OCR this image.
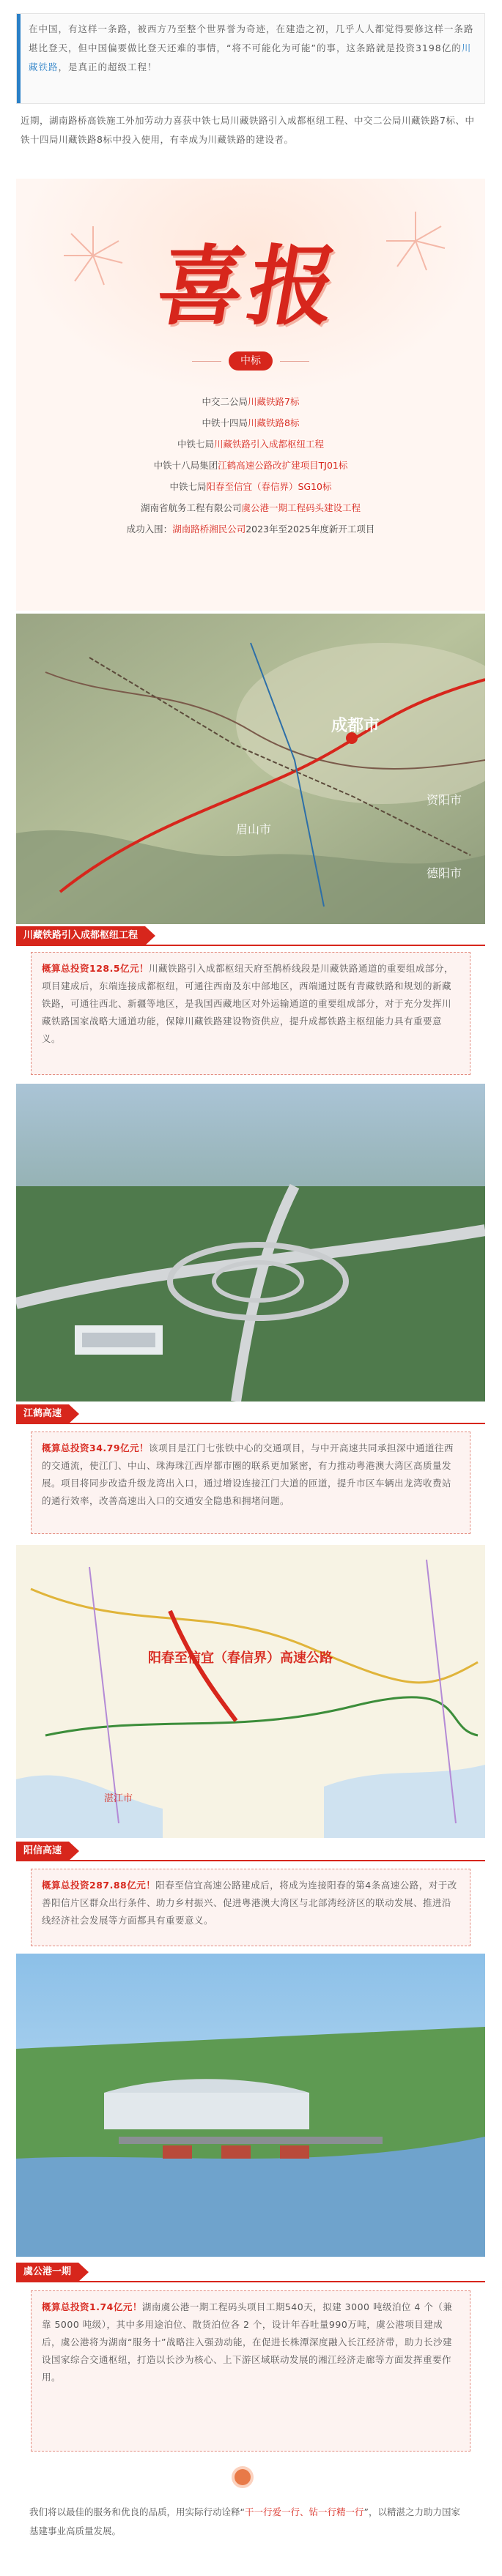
在中国，有这样一条路，被西方乃至整个世界誉为奇迹，在建造之初，几乎人人都觉得要修这样一条路堪比登天，但中国偏要做比登天还难的事情，“将不可能化为可能”的事，这条路就是投资3198亿的川藏铁路，是真正的超级工程！

近期，湖南路桥高铁施工外加劳动力喜获中铁七局川藏铁路引入成都枢纽工程、中交二公局川藏铁路7标、中铁十四局川藏铁路8标中投入使用，有幸成为川藏铁路的建设者。

喜报
中标
中交二公局川藏铁路7标
中铁十四局川藏铁路8标
中铁七局川藏铁路引入成都枢纽工程
中铁十八局集团江鹤高速公路改扩建项目TJ01标
中铁七局阳春至信宜（春信界）SG10标
湖南省航务工程有限公司虞公港一期工程码头建设工程
成功入围：湖南路桥湘民公司2023年至2025年度新开工项目
成都市
眉山市
资阳市
德阳市
川藏铁路引入成都枢纽工程

概算总投资128.5亿元！川藏铁路引入成都枢纽天府至鹊桥线段是川藏铁路通道的重要组成部分，项目建成后，东端连接成都枢纽，可通往西南及东中部地区，西端通过既有青藏铁路和规划的新藏铁路，可通往西北、新疆等地区，是我国西藏地区对外运输通道的重要组成部分，对于充分发挥川藏铁路国家战略大通道功能，保障川藏铁路建设物资供应，提升成都铁路主枢纽能力具有重要意义。

江鹤高速

概算总投资34.79亿元！该项目是江门七张铁中心的交通项目，与中开高速共同承担深中通道往西的交通流，使江门、中山、珠海珠江西岸都市圈的联系更加紧密，有力推动粤港澳大湾区高质量发展。项目将同步改造升级龙湾出入口，通过增设连接江门大道的匝道，提升市区车辆出龙湾收费站的通行效率，改善高速出入口的交通安全隐患和拥堵问题。

阳春至信宜（春信界）高速公路
湛江市
阳信高速

概算总投资287.88亿元！阳春至信宜高速公路建成后，将成为连接阳春的第4条高速公路，对于改善阳信片区群众出行条件、助力乡村振兴、促进粤港澳大湾区与北部湾经济区的联动发展、推进沿线经济社会发展等方面都具有重要意义。

虞公港一期

概算总投资1.74亿元！湖南虞公港一期工程码头项目工期540天，拟建 3000 吨级泊位 4 个（兼靠 5000 吨级），其中多用途泊位、散货泊位各 2 个，设计年吞吐量990万吨，虞公港项目建成后，虞公港将为湖南“服务十”战略注入强劲动能，在促进长株潭深度融入长江经济带，助力长沙建设国家综合交通枢纽，打造以长沙为核心、上下游区域联动发展的湘江经济走廊等方面发挥重要作用。

我们将以最佳的服务和优良的品质，用实际行动诠释“干一行爱一行、钻一行精一行”，以精湛之力助力国家基建事业高质量发展。
